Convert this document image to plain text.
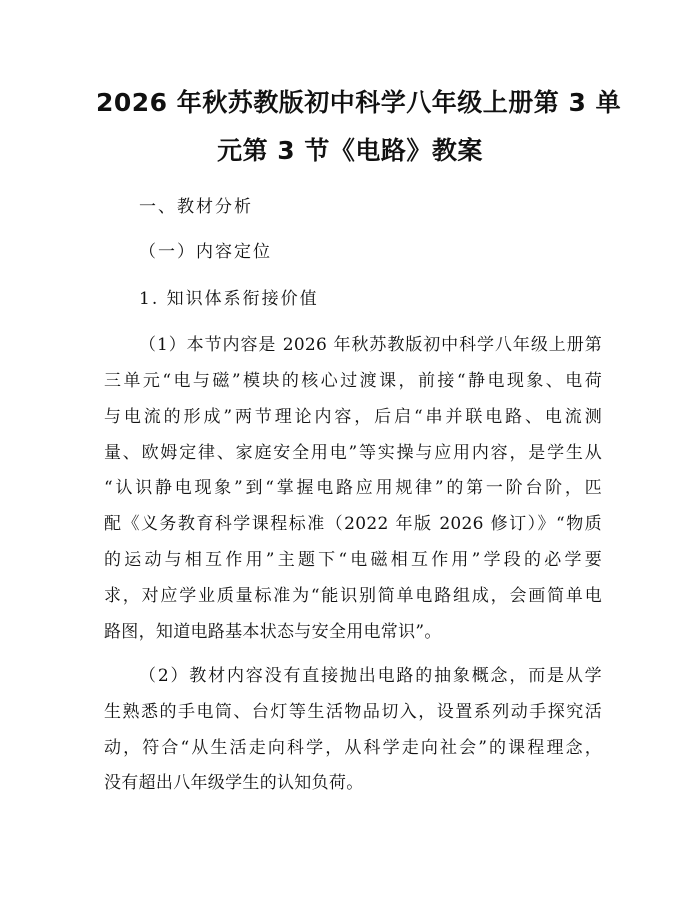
2026 年秋苏教版初中科学八年级上册第 3 单
元第 3 节《电路》教案
一、教材分析
（一）内容定位
1. 知识体系衔接价值
（1）本节内容是 2026 年秋苏教版初中科学八年级上册第
三单元“电与磁”模块的核心过渡课，前接“静电现象、电荷
与电流的形成”两节理论内容，后启“串并联电路、电流测
量、欧姆定律、家庭安全用电”等实操与应用内容，是学生从
“认识静电现象”到“掌握电路应用规律”的第一阶台阶，匹
配《义务教育科学课程标准（2022 年版 2026 修订）》“物质
的运动与相互作用”主题下“电磁相互作用”学段的必学要
求，对应学业质量标准为“能识别简单电路组成，会画简单电
路图，知道电路基本状态与安全用电常识”。
（2）教材内容没有直接抛出电路的抽象概念，而是从学
生熟悉的手电筒、台灯等生活物品切入，设置系列动手探究活
动，符合“从生活走向科学，从科学走向社会”的课程理念，
没有超出八年级学生的认知负荷。
